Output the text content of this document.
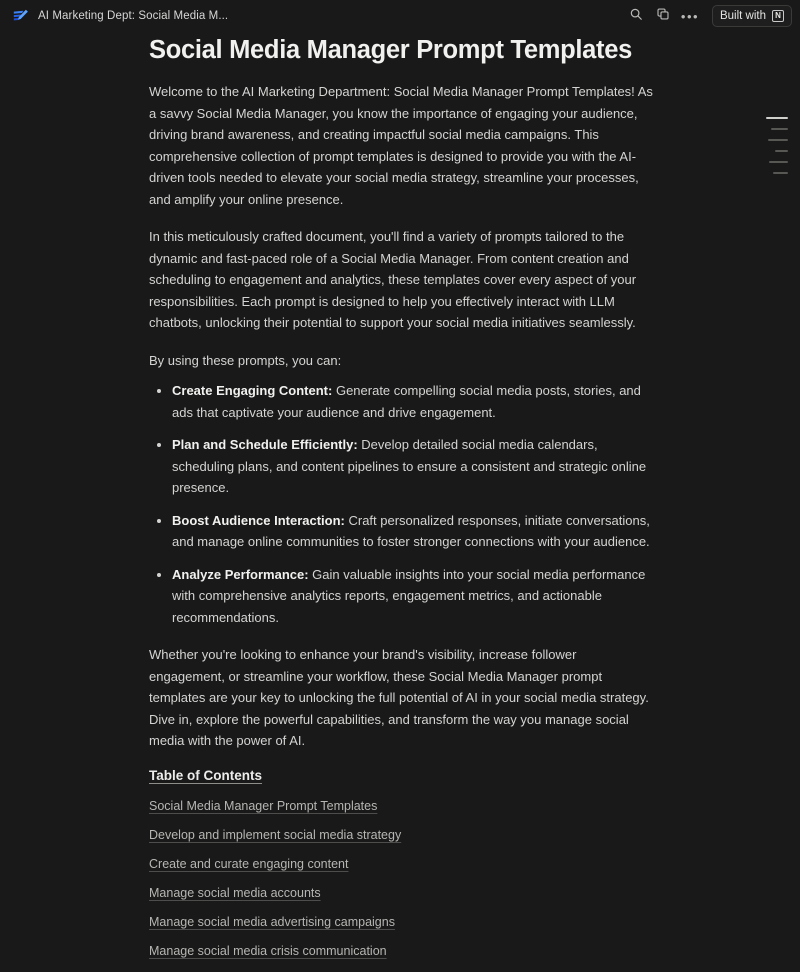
AI Marketing Dept: Social Media M...	••• Built with	N
Social Media Manager Prompt Templates

Welcome to the AI Marketing Department: Social Media Manager Prompt Templates! As a savvy Social Media Manager, you know the importance of engaging your audience, driving brand awareness, and creating impactful social media campaigns. This comprehensive collection of prompt templates is designed to provide you with the AI-driven tools needed to elevate your social media strategy, streamline your processes, and amplify your online presence.

In this meticulously crafted document, you'll find a variety of prompts tailored to the dynamic and fast-paced role of a Social Media Manager. From content creation and scheduling to engagement and analytics, these templates cover every aspect of your responsibilities. Each prompt is designed to help you effectively interact with LLM chatbots, unlocking their potential to support your social media initiatives seamlessly.

By using these prompts, you can:

Create Engaging Content: Generate compelling social media posts, stories, and ads that captivate your audience and drive engagement.
Plan and Schedule Efficiently: Develop detailed social media calendars, scheduling plans, and content pipelines to ensure a consistent and strategic online presence.
Boost Audience Interaction: Craft personalized responses, initiate conversations, and manage online communities to foster stronger connections with your audience.
Analyze Performance: Gain valuable insights into your social media performance with comprehensive analytics reports, engagement metrics, and actionable recommendations.

Whether you're looking to enhance your brand's visibility, increase follower engagement, or streamline your workflow, these Social Media Manager prompt templates are your key to unlocking the full potential of AI in your social media strategy. Dive in, explore the powerful capabilities, and transform the way you manage social media with the power of AI.

Table of Contents
Social Media Manager Prompt Templates
Develop and implement social media strategy
Create and curate engaging content
Manage social media accounts
Manage social media advertising campaigns
Manage social media crisis communication
